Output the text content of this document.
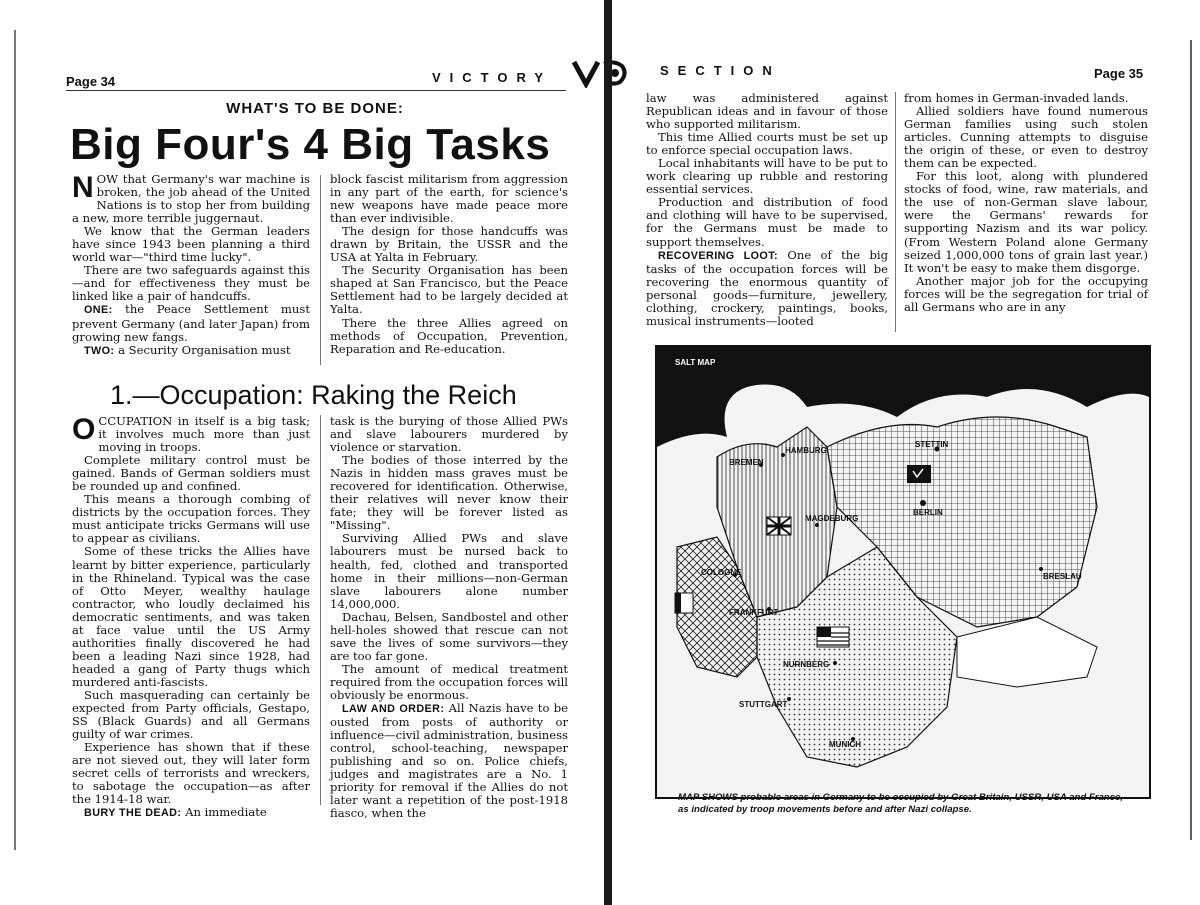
Page 34	VICTORY	SECTION	Page 35
WHAT'S TO BE DONE:
Big Four's 4 Big Tasks

NOW that Germany's war machine is broken, the job ahead of the United Nations is to stop her from building a new, more terrible juggernaut.

We know that the German leaders have since 1943 been planning a third world war—"third time lucky".

There are two safeguards against this—and for effectiveness they must be linked like a pair of handcuffs.

ONE: the Peace Settlement must prevent Germany (and later Japan) from growing new fangs.

TWO: a Security Organisation must

block fascist militarism from aggression in any part of the earth, for science's new weapons have made peace more than ever indivisible.

The design for those handcuffs was drawn by Britain, the USSR and the USA at Yalta in February.

The Security Organisation has been shaped at San Francisco, but the Peace Settlement had to be largely decided at Yalta.

There the three Allies agreed on methods of Occupation, Prevention, Reparation and Re-education.

1.—Occupation: Raking the Reich

OCCUPATION in itself is a big task; it involves much more than just moving in troops.

Complete military control must be gained. Bands of German soldiers must be rounded up and confined.

This means a thorough combing of districts by the occupation forces. They must anticipate tricks Germans will use to appear as civilians.

Some of these tricks the Allies have learnt by bitter experience, particularly in the Rhineland. Typical was the case of Otto Meyer, wealthy haulage contractor, who loudly declaimed his democratic sentiments, and was taken at face value until the US Army authorities finally discovered he had been a leading Nazi since 1928, had headed a gang of Party thugs which murdered anti-fascists.

Such masquerading can certainly be expected from Party officials, Gestapo, SS (Black Guards) and all Germans guilty of war crimes.

Experience has shown that if these are not sieved out, they will later form secret cells of terrorists and wreckers, to sabotage the occupation—as after the 1914-18 war.

BURY THE DEAD: An immediate

task is the burying of those Allied PWs and slave labourers murdered by violence or starvation.

The bodies of those interred by the Nazis in hidden mass graves must be recovered for identification. Otherwise, their relatives will never know their fate; they will be forever listed as "Missing".

Surviving Allied PWs and slave labourers must be nursed back to health, fed, clothed and transported home in their millions—non-German slave labourers alone number 14,000,000.

Dachau, Belsen, Sandbostel and other hell-holes showed that rescue can not save the lives of some survivors—they are too far gone.

The amount of medical treatment required from the occupation forces will obviously be enormous.

LAW AND ORDER: All Nazis have to be ousted from posts of authority or influence—civil administration, business control, school-teaching, newspaper publishing and so on. Police chiefs, judges and magistrates are a No. 1 priority for removal if the Allies do not later want a repetition of the post-1918 fiasco, when the

law was administered against Republican ideas and in favour of those who supported militarism.

This time Allied courts must be set up to enforce special occupation laws.

Local inhabitants will have to be put to work clearing up rubble and restoring essential services.

Production and distribution of food and clothing will have to be supervised, for the Germans must be made to support themselves.

RECOVERING LOOT: One of the big tasks of the occupation forces will be recovering the enormous quantity of personal goods—furniture, jewellery, clothing, crockery, paintings, books, musical instruments—looted

from homes in German-invaded lands.

Allied soldiers have found numerous German families using such stolen articles. Cunning attempts to disguise the origin of these, or even to destroy them can be expected.

For this loot, along with plundered stocks of food, wine, raw materials, and the use of non-German slave labour, were the Germans' rewards for supporting Nazism and its war policy. (From Western Poland alone Germany seized 1,000,000 tons of grain last year.) It won't be easy to make them disgorge.

Another major job for the occupying forces will be the segregation for trial of all Germans who are in any

SALT MAP
HAMBURG
BREMEN
STETTIN
BERLIN
MAGDEBURG
BRESLAU
COLOGNE
FRANKFURT
NURNBERG
STUTTGART
MUNICH
MAP SHOWS probable areas in Germany to be occupied by Great Britain, USSR, USA and France, as indicated by troop movements before and after Nazi collapse.
